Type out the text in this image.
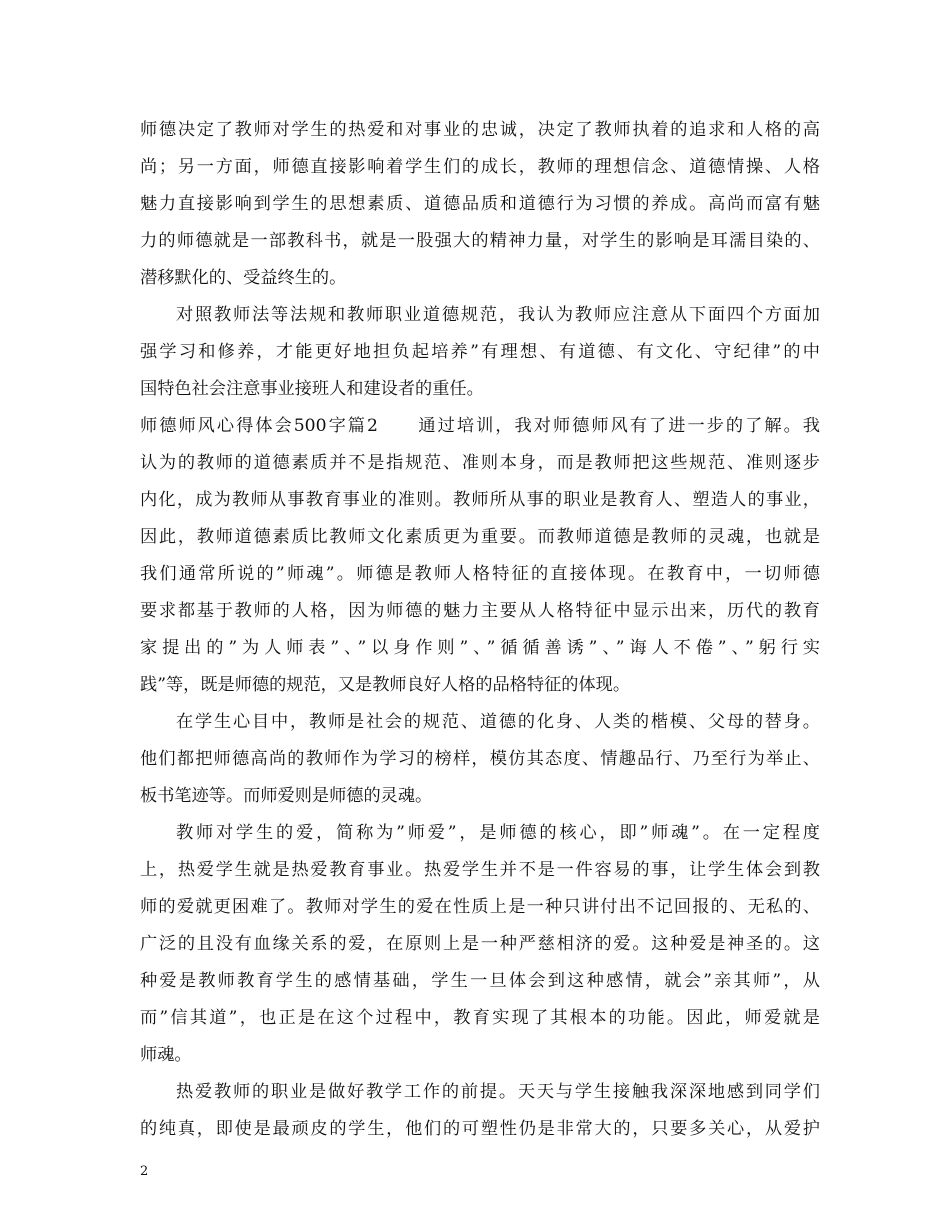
师德决定了教师对学生的热爱和对事业的忠诚，决定了教师执着的追求和人格的高
尚；另一方面，师德直接影响着学生们的成长，教师的理想信念、道德情操、人格
魅力直接影响到学生的思想素质、道德品质和道德行为习惯的养成。高尚而富有魅
力的师德就是一部教科书，就是一股强大的精神力量，对学生的影响是耳濡目染的、
潜移默化的、受益终生的。
对照教师法等法规和教师职业道德规范，我认为教师应注意从下面四个方面加
强学习和修养，才能更好地担负起培养”有理想、有道德、有文化、守纪律”的中
国特色社会注意事业接班人和建设者的重任。
师德师风心得体会500字篇2　　通过培训，我对师德师风有了进一步的了解。我
认为的教师的道德素质并不是指规范、准则本身，而是教师把这些规范、准则逐步
内化，成为教师从事教育事业的准则。教师所从事的职业是教育人、塑造人的事业，
因此，教师道德素质比教师文化素质更为重要。而教师道德是教师的灵魂，也就是
我们通常所说的”师魂”。师德是教师人格特征的直接体现。在教育中，一切师德
要求都基于教师的人格，因为师德的魅力主要从人格特征中显示出来，历代的教育
家提出的”为人师表”、”以身作则”、”循循善诱”、”诲人不倦”、”躬行实
践”等，既是师德的规范，又是教师良好人格的品格特征的体现。
在学生心目中，教师是社会的规范、道德的化身、人类的楷模、父母的替身。
他们都把师德高尚的教师作为学习的榜样，模仿其态度、情趣品行、乃至行为举止、
板书笔迹等。而师爱则是师德的灵魂。
教师对学生的爱，简称为”师爱”，是师德的核心，即”师魂”。在一定程度
上，热爱学生就是热爱教育事业。热爱学生并不是一件容易的事，让学生体会到教
师的爱就更困难了。教师对学生的爱在性质上是一种只讲付出不记回报的、无私的、
广泛的且没有血缘关系的爱，在原则上是一种严慈相济的爱。这种爱是神圣的。这
种爱是教师教育学生的感情基础，学生一旦体会到这种感情，就会”亲其师”，从
而”信其道”，也正是在这个过程中，教育实现了其根本的功能。因此，师爱就是
师魂。
热爱教师的职业是做好教学工作的前提。天天与学生接触我深深地感到同学们
的纯真，即使是最顽皮的学生，他们的可塑性仍是非常大的，只要多关心，从爱护
2
